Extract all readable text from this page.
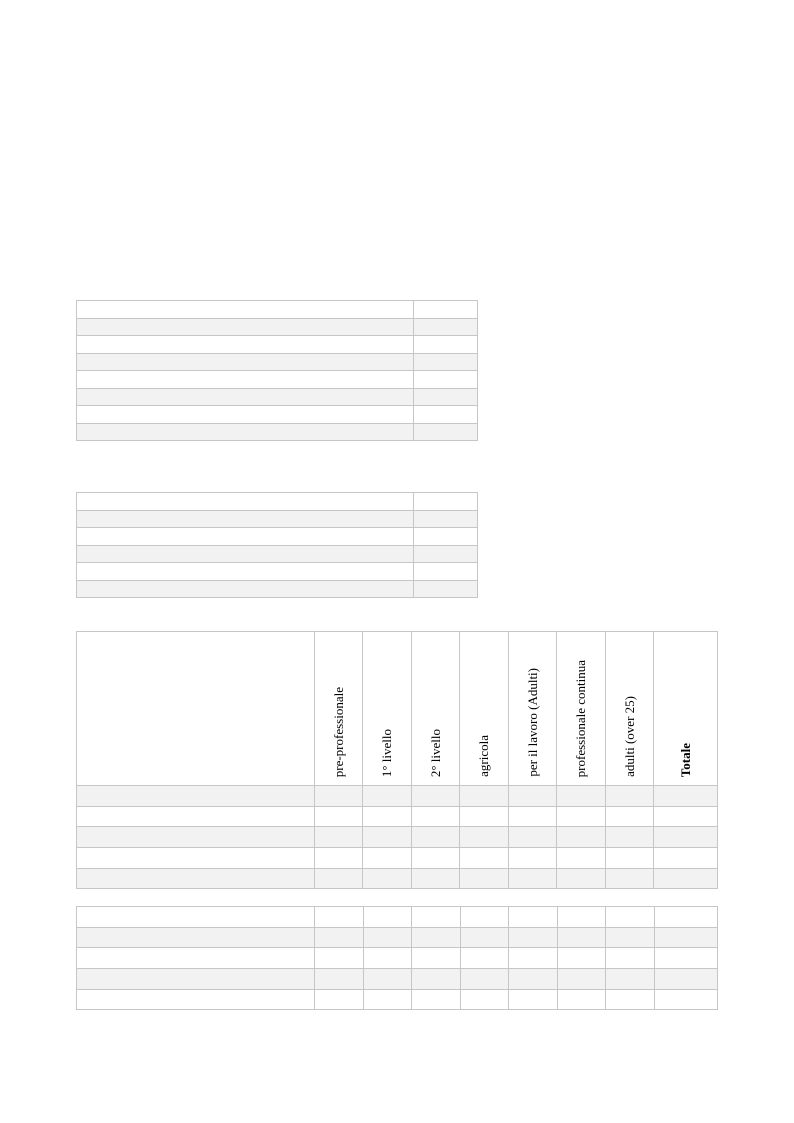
	pre-professionale	1° livello	2° livello	agricola	per il lavoro (Adulti)	professionale continua	adulti (over 25)	Totale
